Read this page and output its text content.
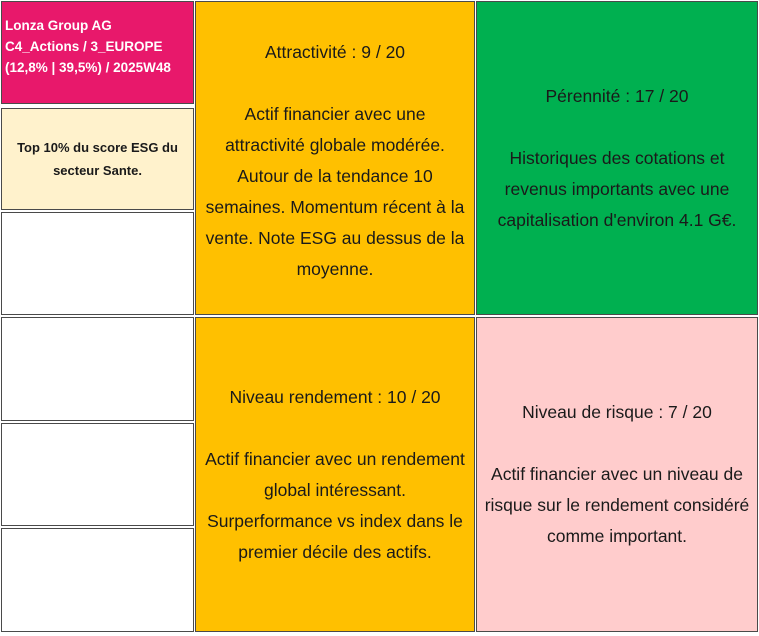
Lonza Group AG
C4_Actions / 3_EUROPE
(12,8% | 39,5%) / 2025W48
Top 10% du score ESG du secteur Sante.

Attractivité : 9 / 20

Actif financier avec une attractivité globale modérée. Autour de la tendance 10 semaines. Momentum récent à la vente. Note ESG au dessus de la moyenne.

Pérennité : 17 / 20

Historiques des cotations et revenus importants avec une capitalisation d'environ 4.1 G€.

Niveau rendement : 10 / 20

Actif financier avec un rendement global intéressant. Surperformance vs index dans le premier décile des actifs.

Niveau de risque : 7 / 20

Actif financier avec un niveau de risque sur le rendement considéré comme important.
